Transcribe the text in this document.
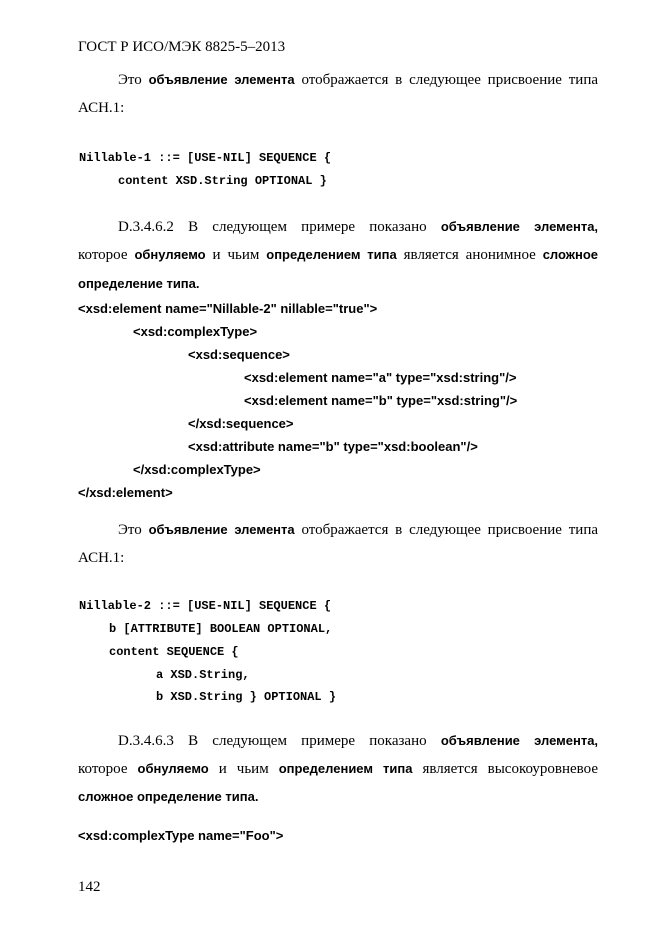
ГОСТ Р ИСО/МЭК 8825-5–2013
Это объявление элемента отображается в следующее присвоение типа
АСН.1:
Nillable-1 ::= [USE-NIL] SEQUENCE {
content XSD.String OPTIONAL }
D.3.4.6.2 В следующем примере показано объявление элемента,
которое обнуляемо и чьим определением типа является анонимное сложное
определение типа.
<xsd:element name="Nillable-2" nillable="true">
<xsd:complexType>
<xsd:sequence>
<xsd:element name="a" type="xsd:string"/>
<xsd:element name="b" type="xsd:string"/>
</xsd:sequence>
<xsd:attribute name="b" type="xsd:boolean"/>
</xsd:complexType>
</xsd:element>
Это объявление элемента отображается в следующее присвоение типа
АСН.1:
Nillable-2 ::= [USE-NIL] SEQUENCE {
b [ATTRIBUTE] BOOLEAN OPTIONAL,
content SEQUENCE {
a XSD.String,
b XSD.String } OPTIONAL }
D.3.4.6.3 В следующем примере показано объявление элемента,
которое обнуляемо и чьим определением типа является высокоуровневое
сложное определение типа.
<xsd:complexType name="Foo">
142
